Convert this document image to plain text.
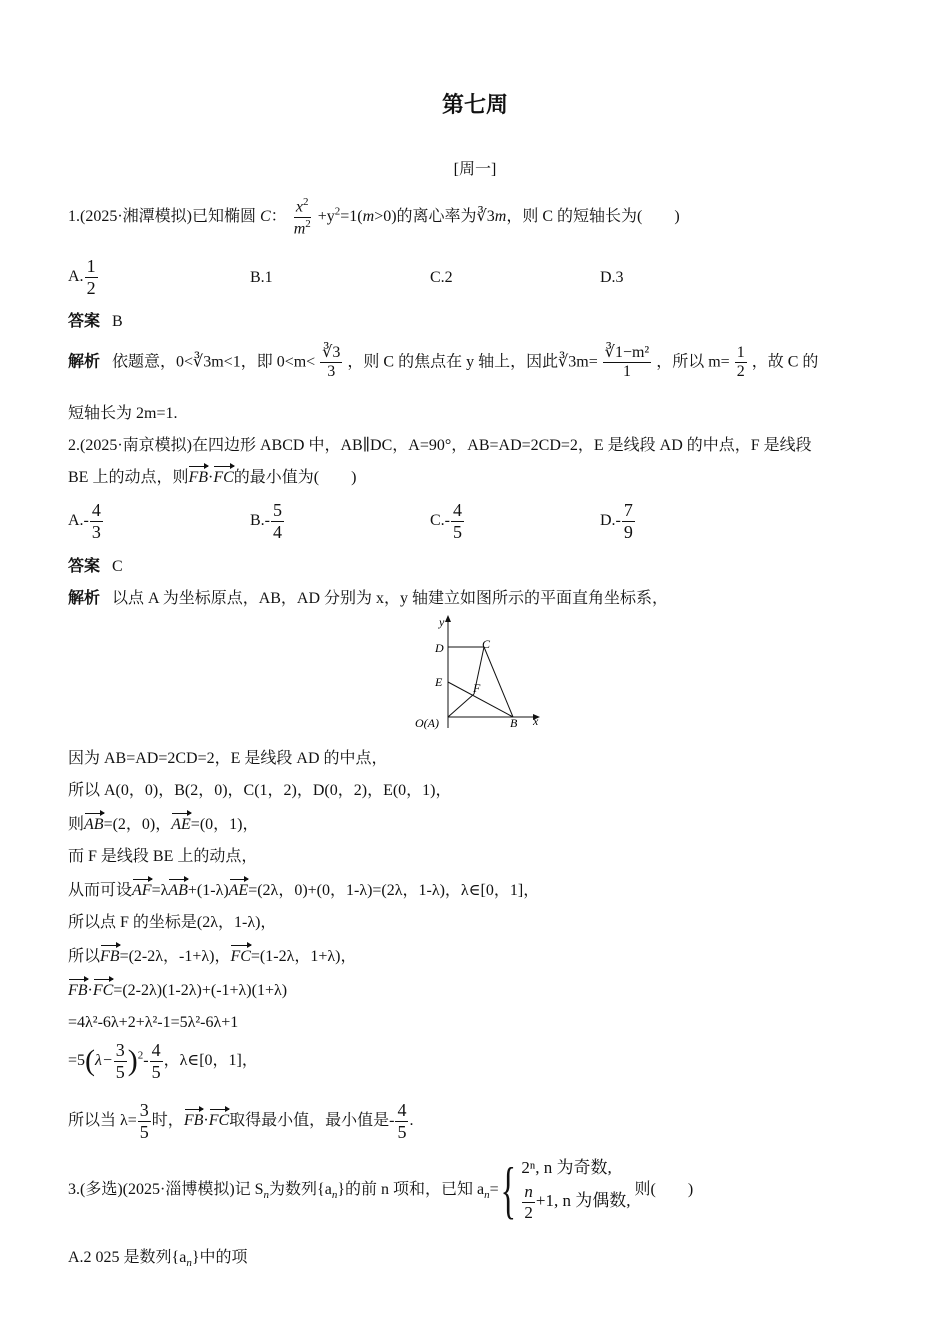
第七周
[周一]
1.(2025·湘潭模拟)已知椭圆 C： $\frac{x^2}{m^2} +y^2=1(m>0)$的离心率为∛3m，则 C 的短轴长为(　　)
A. $\frac{1}{2}$	B.1	C.2	D.3
答案 B
解析 依题意，0<∛3m<1，即 $0<m< \frac{∛3}{3}$ ，则 C 的焦点在 y 轴上，因此∛3m= $\frac{\text{∛1−m²}}{1}$ ，所以 $m= \frac{1}{2}$ ，故 C 的
短轴长为 2m=1.
2.(2025·南京模拟)在四边形 ABCD 中，AB∥DC，A=90°，AB=AD=2CD=2，E 是线段 AD 的中点，F 是线段
BE 上的动点，则FB·FC的最小值为(　　)
$A.- \frac{4}{3}$	$B.- \frac{5}{4}$	$C.- \frac{4}{5}$	$D.- \frac{7}{9}$
答案 C
解析 以点 A 为坐标原点，AB，AD 分别为 x，y 轴建立如图所示的平面直角坐标系，
y
x
D	C
E	F
O(A)	B
因为 AB=AD=2CD=2，E 是线段 AD 的中点，
所以 A(0，0)，B(2，0)，C(1，2)，D(0，2)，E(0，1)，
则AB=(2，0)，AE=(0，1)，
而 F 是线段 BE 上的动点，
从而可设AF=λAB+(1-λ)AE=(2λ，0)+(0，1-λ)=(2λ，1-λ)，λ∈[0，1]，
所以点 F 的坐标是(2λ，1-λ)，
所以FB=(2-2λ，-1+λ)，FC=(1-2λ，1+λ)，
FB·FC=(2-2λ)(1-2λ)+(-1+λ)(1+λ)
=4λ²-6λ+2+λ²-1=5λ²-6λ+1
$=5(\lambda- \frac{3}{5} )^2- \frac{4}{5}$ ，λ∈[0，1]，
所以当 $\lambda= \frac{3}{5}$ 时，FB·FC取得最小值，最小值是- $\frac{4}{5}$ .
3.(多选)(2025·淄博模拟)记 $S_n$为数列$\{a_n\}$的前 n 项和，已知 $a_n=${ 2ⁿ, n 为奇数,
$\frac{n}{2} +1$, n 为偶数,
则(　　)
A.2 025 是数列$\{a_n\}$中的项
